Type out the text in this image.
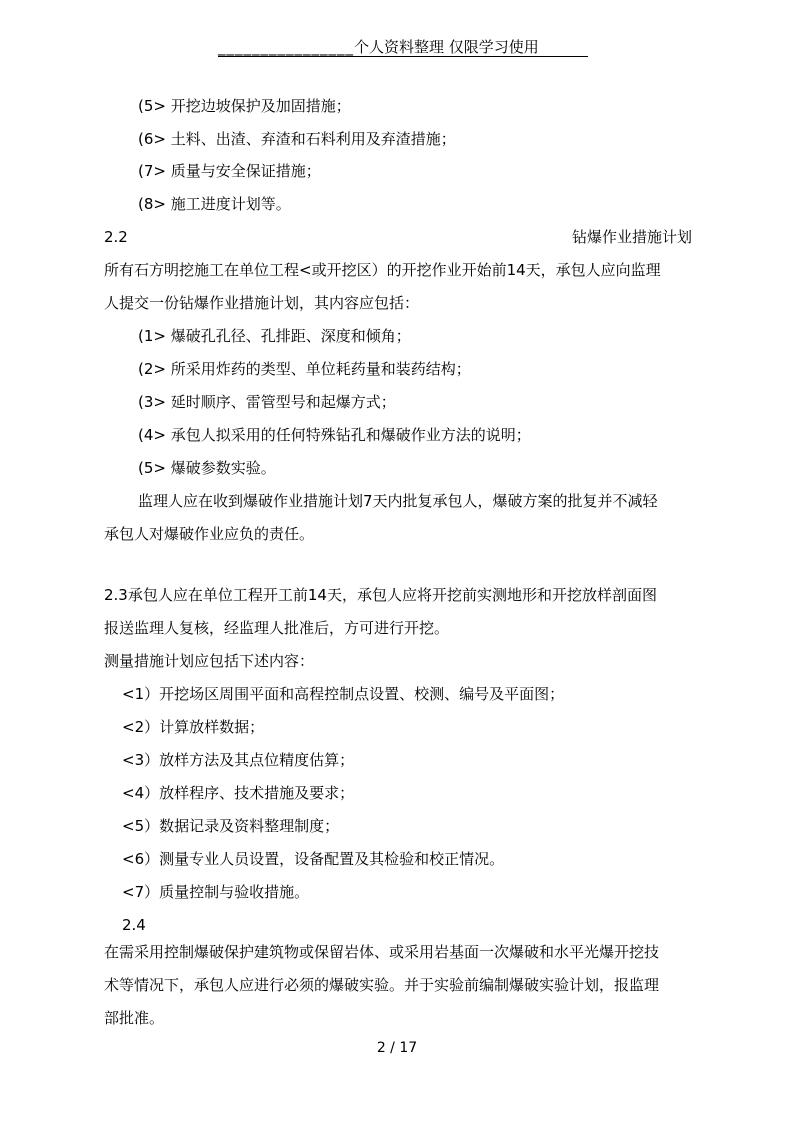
________________个人资料整理 仅限学习使用
(5> 开挖边坡保护及加固措施；
(6> 土料、出渣、弃渣和石料利用及弃渣措施；
(7> 质量与安全保证措施；
(8> 施工进度计划等。
2.2	钻爆作业措施计划
所有石方明挖施工在单位工程<或开挖区）的开挖作业开始前14天，承包人应向监理
人提交一份钻爆作业措施计划，其内容应包括：
(1> 爆破孔孔径、孔排距、深度和倾角；
(2> 所采用炸药的类型、单位耗药量和装药结构；
(3> 延时顺序、雷管型号和起爆方式；
(4> 承包人拟采用的任何特殊钻孔和爆破作业方法的说明；
(5> 爆破参数实验。
监理人应在收到爆破作业措施计划7天内批复承包人，爆破方案的批复并不减轻
承包人对爆破作业应负的责任。
2.3承包人应在单位工程开工前14天，承包人应将开挖前实测地形和开挖放样剖面图
报送监理人复核，经监理人批准后，方可进行开挖。
测量措施计划应包括下述内容：
<1）开挖场区周围平面和高程控制点设置、校测、编号及平面图；
<2）计算放样数据；
<3）放样方法及其点位精度估算；
<4）放样程序、技术措施及要求；
<5）数据记录及资料整理制度；
<6）测量专业人员设置，设备配置及其检验和校正情况。
<7）质量控制与验收措施。
2.4
在需采用控制爆破保护建筑物或保留岩体、或采用岩基面一次爆破和水平光爆开挖技
术等情况下，承包人应进行必须的爆破实验。并于实验前编制爆破实验计划，报监理
部批准。
2 / 17
